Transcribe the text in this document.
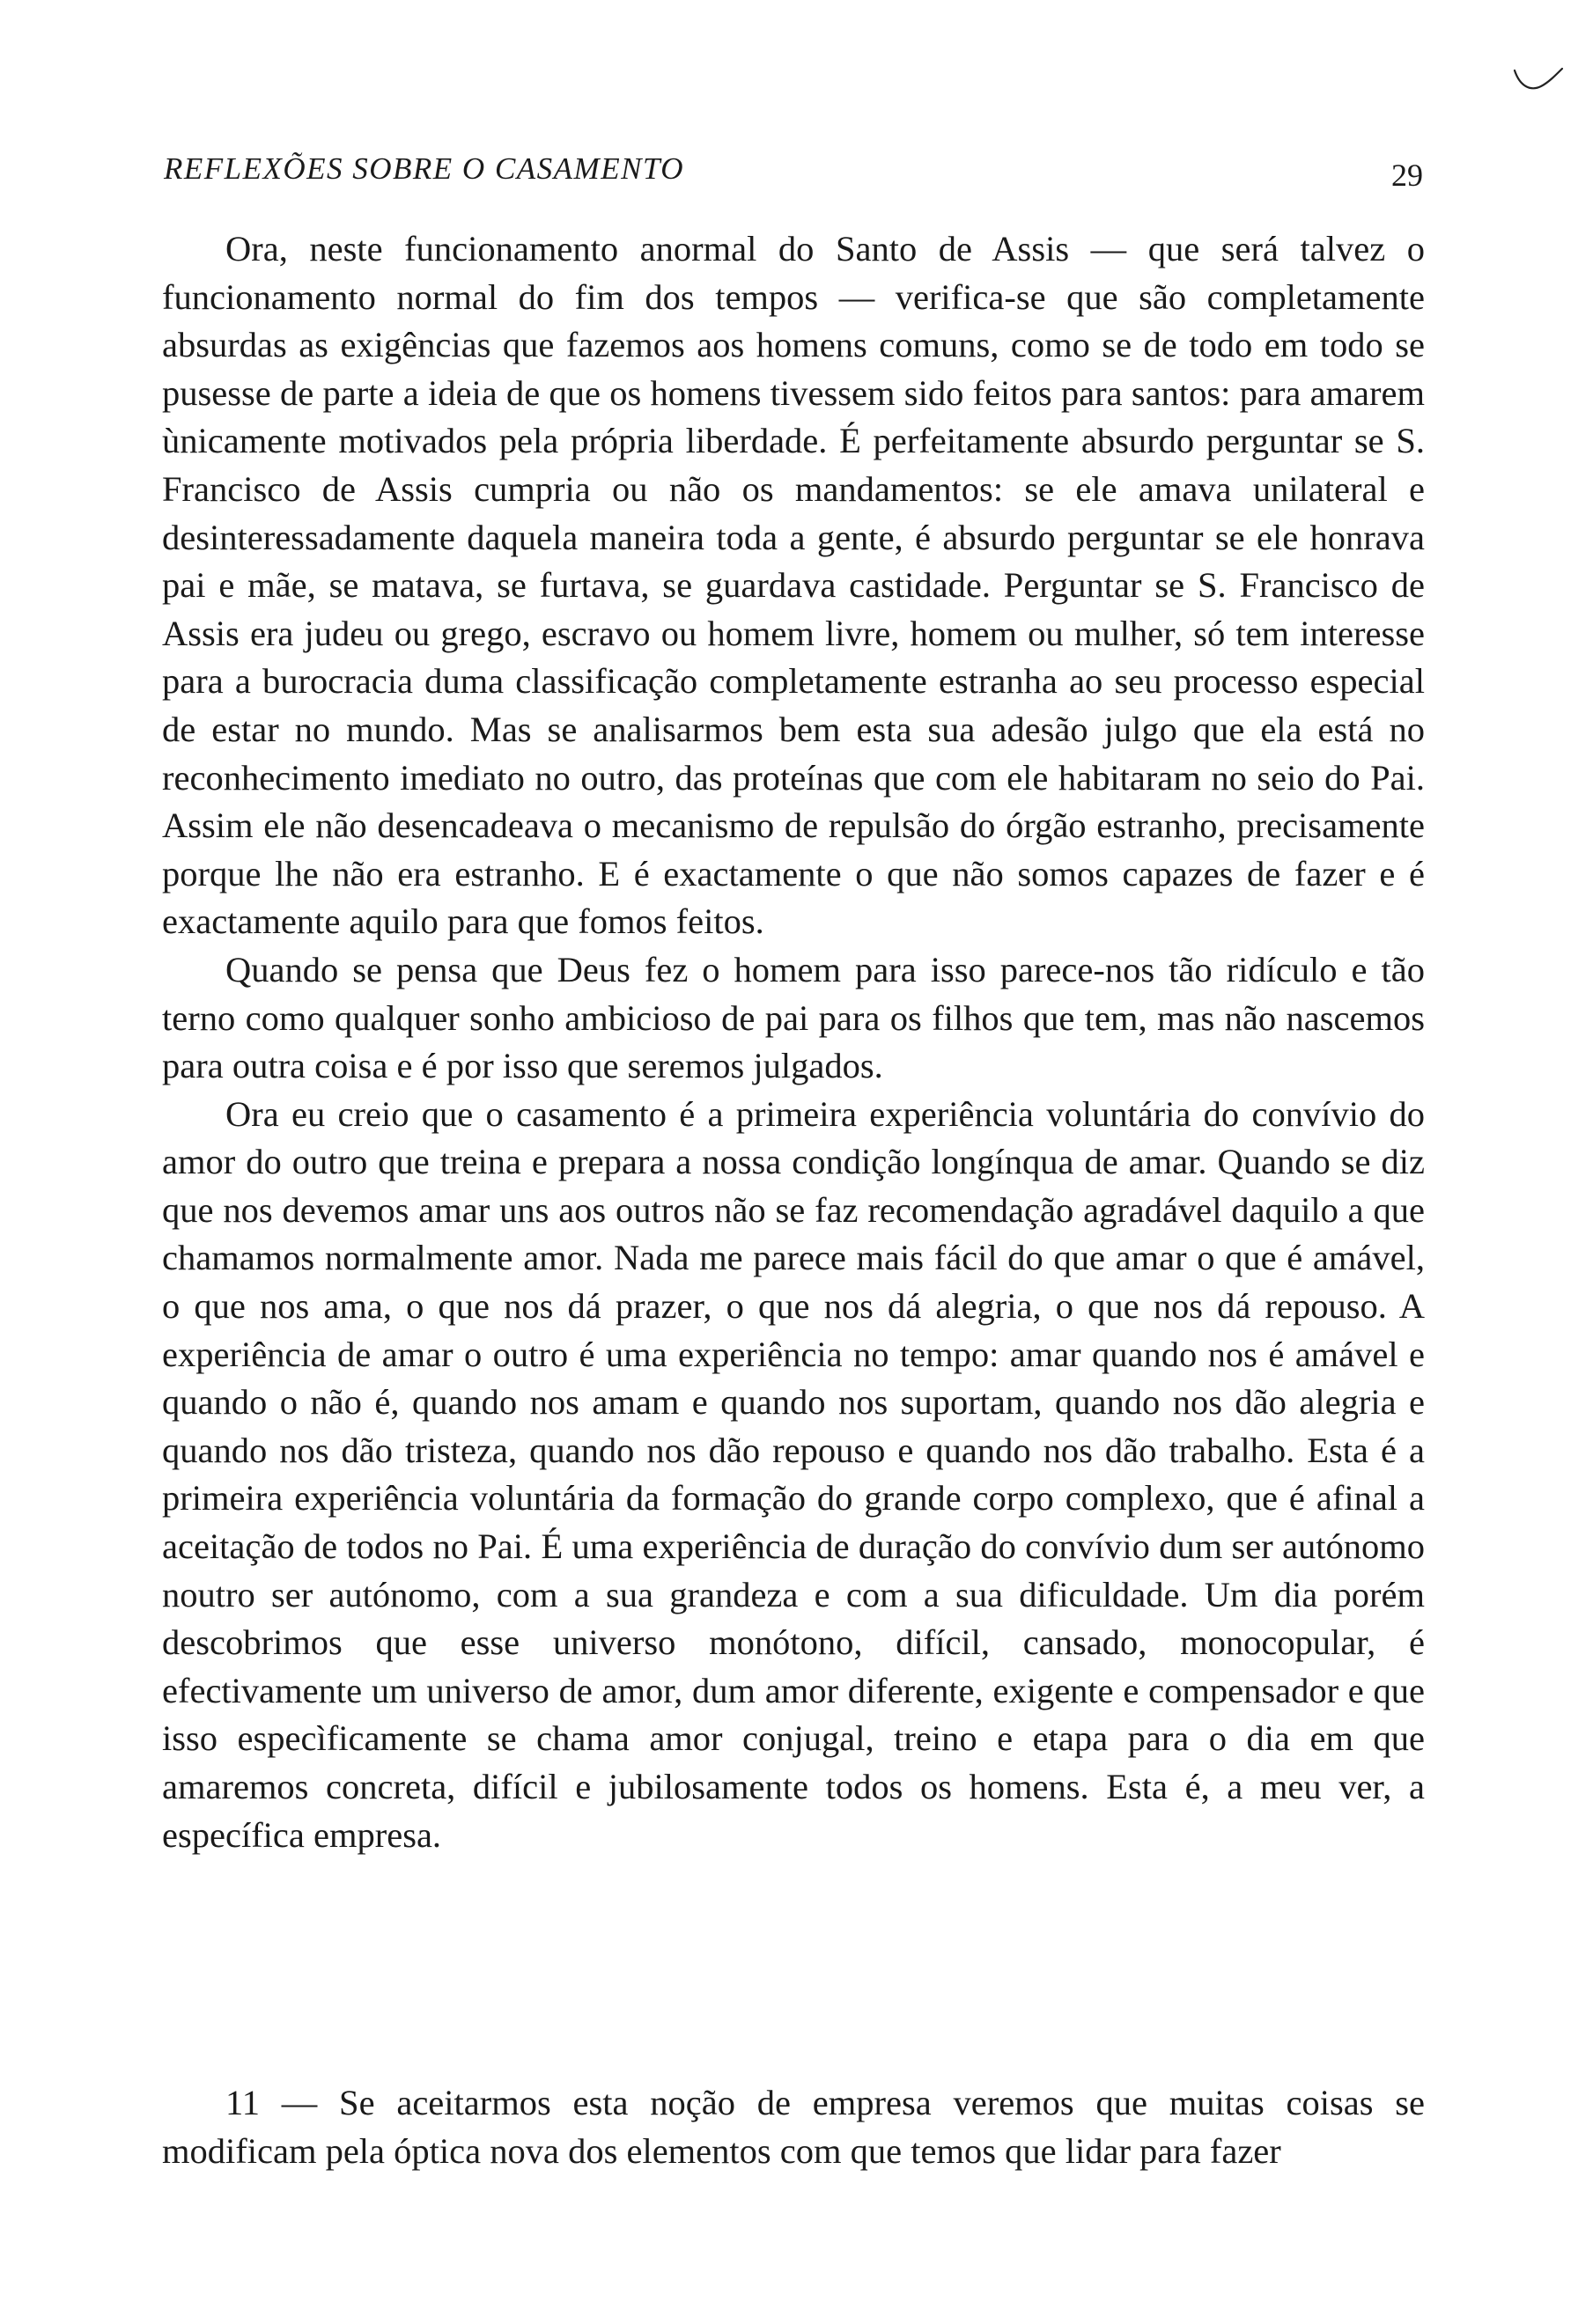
REFLEXÕES SOBRE O CASAMENTO	29

Ora, neste funcionamento anormal do Santo de Assis — que será talvez o funcionamento normal do fim dos tempos — verifica-se que são completamente absurdas as exigências que fazemos aos homens comuns, como se de todo em todo se pusesse de parte a ideia de que os homens tivessem sido feitos para santos: para amarem ùnicamente motivados pela própria liberdade. É perfeitamente absurdo perguntar se S. Francisco de Assis cumpria ou não os mandamentos: se ele amava unilateral e desinteressadamente daquela maneira toda a gente, é absurdo perguntar se ele honrava pai e mãe, se matava, se furtava, se guardava castidade. Perguntar se S. Francisco de Assis era judeu ou grego, escravo ou homem livre, homem ou mulher, só tem interesse para a burocracia duma classificação completamente estranha ao seu processo especial de estar no mundo. Mas se analisarmos bem esta sua adesão julgo que ela está no reconhecimento imediato no outro, das proteínas que com ele habitaram no seio do Pai. Assim ele não desencadeava o mecanismo de repulsão do órgão estranho, precisamente porque lhe não era estranho. E é exactamente o que não somos capazes de fazer e é exactamente aquilo para que fomos feitos.

Quando se pensa que Deus fez o homem para isso parece-nos tão ridículo e tão terno como qualquer sonho ambicioso de pai para os filhos que tem, mas não nascemos para outra coisa e é por isso que seremos julgados.

Ora eu creio que o casamento é a primeira experiência voluntária do convívio do amor do outro que treina e prepara a nossa condição longínqua de amar. Quando se diz que nos devemos amar uns aos outros não se faz recomendação agradável daquilo a que chamamos normalmente amor. Nada me parece mais fácil do que amar o que é amável, o que nos ama, o que nos dá prazer, o que nos dá alegria, o que nos dá repouso. A experiência de amar o outro é uma experiência no tempo: amar quando nos é amável e quando o não é, quando nos amam e quando nos suportam, quando nos dão alegria e quando nos dão tristeza, quando nos dão repouso e quando nos dão trabalho. Esta é a primeira experiência voluntária da formação do grande corpo complexo, que é afinal a aceitação de todos no Pai. É uma experiência de duração do convívio dum ser autónomo noutro ser autónomo, com a sua grandeza e com a sua dificuldade. Um dia porém descobrimos que esse universo monótono, difícil, cansado, monocopular, é efectivamente um universo de amor, dum amor diferente, exigente e compensador e que isso especìficamente se chama amor conjugal, treino e etapa para o dia em que amaremos concreta, difícil e jubilosamente todos os homens. Esta é, a meu ver, a específica empresa.

11 — Se aceitarmos esta noção de empresa veremos que muitas coisas se modificam pela óptica nova dos elementos com que temos que lidar para fazer
